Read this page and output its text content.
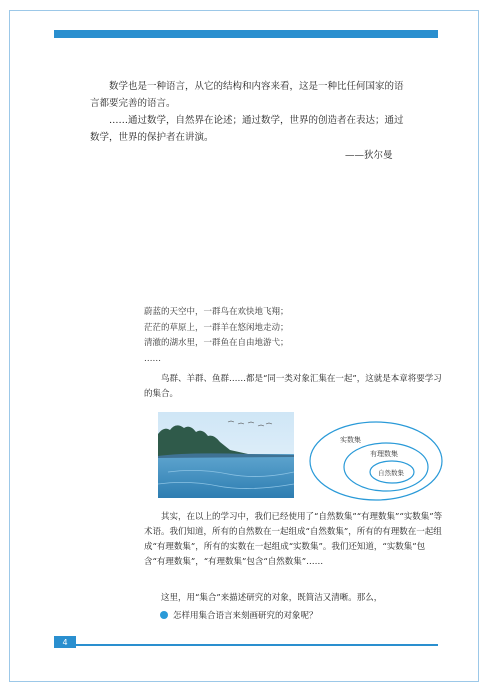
数学也是一种语言，从它的结构和内容来看，这是一种比任何国家的语言都要完善的语言。

……通过数学，自然界在论述；通过数学，世界的创造者在表达；通过数学，世界的保护者在讲演。

——狄尔曼
蔚蓝的天空中，一群鸟在欢快地飞翔；
茫茫的草原上，一群羊在悠闲地走动；
清澈的湖水里，一群鱼在自由地游弋；
……

鸟群、羊群、鱼群……都是“同一类对象汇集在一起”，这就是本章将要学习的集合。

实数集
有理数集
自然数集

其实，在以上的学习中，我们已经使用了“自然数集”“有理数集”“实数集”等术语。我们知道，所有的自然数在一起组成“自然数集”，所有的有理数在一起组成“有理数集”，所有的实数在一起组成“实数集”。我们还知道，“实数集”包含“有理数集”，“有理数集”包含“自然数集”……

这里，用“集合”来描述研究的对象，既简洁又清晰。那么，

怎样用集合语言来刻画研究的对象呢？
4
